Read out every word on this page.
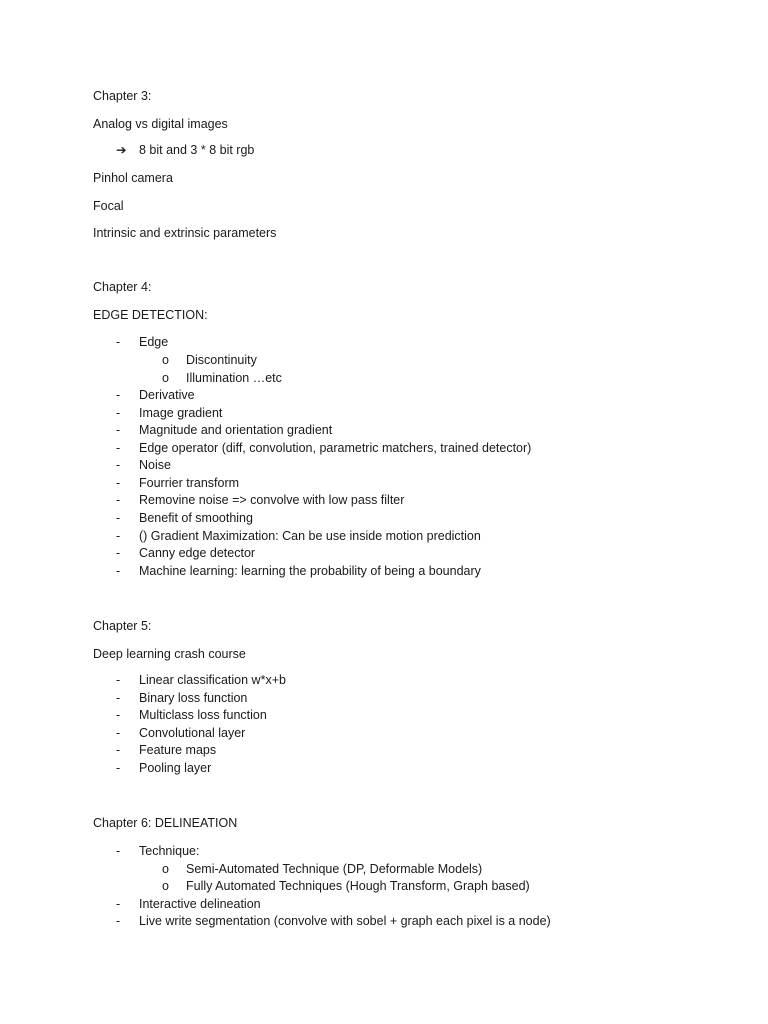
Chapter 3:
Analog vs digital images
➔ 8 bit and 3 * 8 bit rgb
Pinhol camera
Focal
Intrinsic and extrinsic parameters
Chapter 4:
EDGE DETECTION:
- Edge
o Discontinuity
o Illumination …etc
- Derivative
- Image gradient
- Magnitude and orientation gradient
- Edge operator (diff, convolution, parametric matchers, trained detector)
- Noise
- Fourrier transform
- Removine noise => convolve with low pass filter
- Benefit of smoothing
- () Gradient Maximization: Can be use inside motion prediction
- Canny edge detector
- Machine learning: learning the probability of being a boundary
Chapter 5:
Deep learning crash course
- Linear classification w*x+b
- Binary loss function
- Multiclass loss function
- Convolutional layer
- Feature maps
- Pooling layer
Chapter 6: DELINEATION
- Technique:
o Semi-Automated Technique (DP, Deformable Models)
o Fully Automated Techniques (Hough Transform, Graph based)
- Interactive delineation
- Live write segmentation (convolve with sobel + graph each pixel is a node)
